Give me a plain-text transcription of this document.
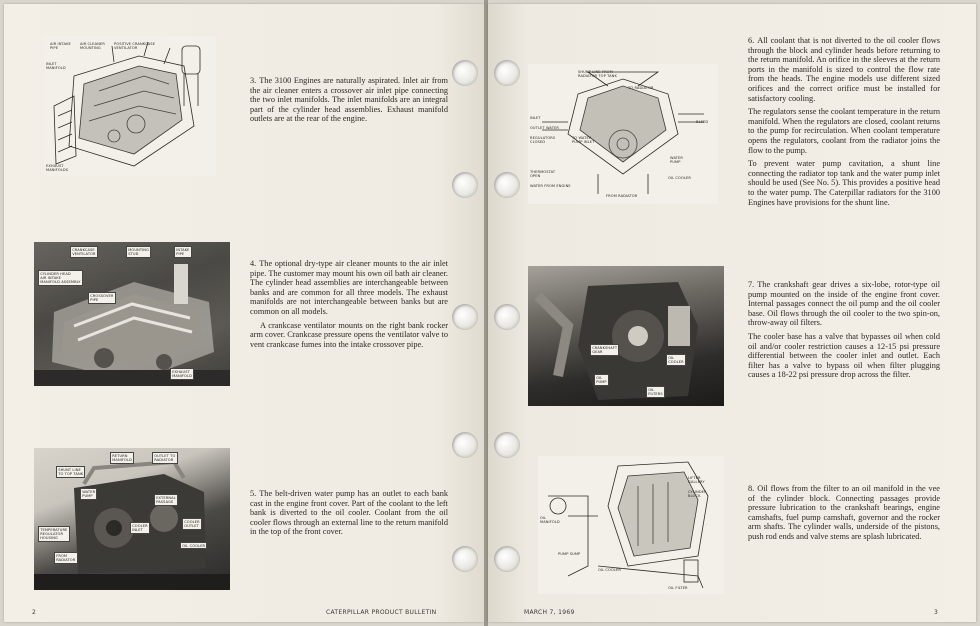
AIR INTAKE
PIPE
AIR CLEANER
MOUNTING
POSITIVE CRANKCASE
VENTILATOR
INLET
MANIFOLD
EXHAUST
MANIFOLDS

3. The 3100 Engines are naturally aspirated. Inlet air from the air cleaner enters a crossover air inlet pipe connecting the two inlet manifolds. The inlet manifolds are an integral part of the cylinder head assemblies. Exhaust manifold outlets are at the rear of the engine.

CRANKCASE
VENTILATOR
MOUNTING
STUD
INTAKE
PIPE
CYLINDER HEAD
AIR INTAKE
MANIFOLD ASSEMBLY
CROSSOVER
PIPE
EXHAUST
MANIFOLD

4. The optional dry-type air cleaner mounts to the air inlet pipe. The customer may mount his own oil bath air cleaner. The cylinder head assemblies are interchangeable between banks and are common for all three models. The exhaust manifolds are not interchangeable between banks but are common on all models.

A crankcase ventilator mounts on the right bank rocker arm cover. Crankcase pressure opens the ventilator valve to vent crankcase fumes into the intake crossover pipe.

RETURN
MANIFOLD
OUTLET TO
RADIATOR
SHUNT LINE
TO TOP TANK
WATER
PUMP	EXTERNAL
PASSAGE
COOLER
INLET
COOLER
OUTLET
TEMPERATURE
REGULATOR
HOUSING
FROM
RADIATOR
OIL COOLER

5. The belt-driven water pump has an outlet to each bank cast in the engine front cover. Part of the coolant to the left bank is diverted to the oil cooler. Coolant from the oil cooler flows through an external line to the return manifold in the top of the front cover.

2	CATERPILLAR PRODUCT BULLETIN
SHUNT LINE FROM
RADIATOR TOP TANK
TO RADIATOR
INLET
OUTLET WATER
REGULATORS
CLOSED
TO WATER
PUMP INLET
BLEED
WATER
PUMP
THERMOSTAT
OPEN
WATER FROM ENGINE
OIL COOLER
FROM RADIATOR

6. All coolant that is not diverted to the oil cooler flows through the block and cylinder heads before returning to the return manifold. An orifice in the sleeves at the return ports in the manifold is sized to control the flow rate from the heads. The engine models use different sized orifices and the correct orifice must be installed for satisfactory cooling.

The regulators sense the coolant temperature in the return manifold. When the regulators are closed, coolant returns to the pump for recirculation. When coolant temperature opens the regulators, coolant from the radiator joins the flow to the pump.

To prevent water pump cavitation, a shunt line connecting the radiator top tank and the water pump inlet should be used (See No. 5). This provides a positive head to the water pump. The Caterpillar radiators for the 3100 Engines have provisions for the shunt line.

CRANKSHAFT
GEAR
OIL
COOLER
OIL
PUMP
OIL
FILTERS

7. The crankshaft gear drives a six-lobe, rotor-type oil pump mounted on the inside of the engine front cover. Internal passages connect the oil pump and the oil cooler base. Oil flows through the oil cooler to the two spin-on, throw-away oil filters.

The cooler base has a valve that bypasses oil when cold oil and/or cooler restriction causes a 12-15 psi pressure differential between the cooler inlet and outlet. Each filter has a valve to bypass oil when filter plugging causes a 18-22 psi pressure drop across the filter.

LIFTER
GALLERY
CYLINDER
BLOCK
OIL
MANIFOLD
PUMP SUMP
OIL COOLER
OIL FILTER

8. Oil flows from the filter to an oil manifold in the vee of the cylinder block. Connecting passages provide pressure lubrication to the crankshaft bearings, engine camshafts, fuel pump camshaft, governor and the rocker arm shafts. The cylinder walls, underside of the pistons, push rod ends and valve stems are splash lubricated.

MARCH 7, 1969	3
